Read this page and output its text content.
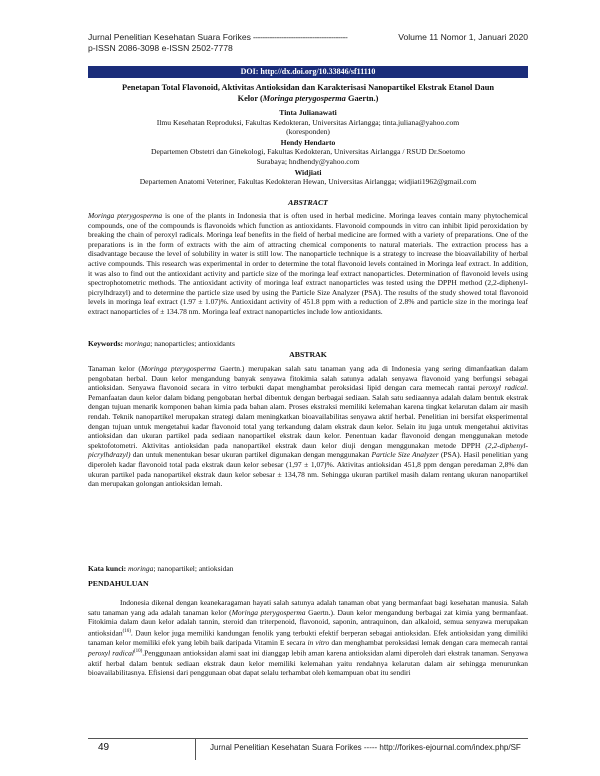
Jurnal Penelitian Kesehatan Suara Forikes ----------------------------------------	Volume 11 Nomor 1, Januari 2020
p-ISSN 2086-3098 e-ISSN 2502-7778
DOI: http://dx.doi.org/10.33846/sf11110
Penetapan Total Flavonoid, Aktivitas Antioksidan dan Karakterisasi Nanopartikel Ekstrak Etanol Daun
Kelor (Moringa pterygosperma Gaertn.)
Tinta Julianawati
Ilmu Kesehatan Reproduksi, Fakultas Kedokteran, Universitas Airlangga; tinta.juliana@yahoo.com
(koresponden)
Hendy Hendarto
Departemen Obstetri dan Ginekologi, Fakultas Kedokteran, Universitas Airlangga / RSUD Dr.Soetomo
Surabaya; hndhendy@yahoo.com
Widjiati
Departemen Anatomi Veteriner, Fakultas Kedokteran Hewan, Universitas Airlangga; widjiati1962@gmail.com
ABSTRACT
Moringa pterygosperma is one of the plants in Indonesia that is often used in herbal medicine. Moringa leaves contain many phytochemical compounds, one of the compounds is flavonoids which function as antioxidants. Flavonoid compounds in vitro can inhibit lipid peroxidation by breaking the chain of peroxyl radicals. Moringa leaf benefits in the field of herbal medicine are formed with a variety of preparations. One of the preparations is in the form of extracts with the aim of attracting chemical components to natural materials. The extraction process has a disadvantage because the level of solubility in water is still low. The nanoparticle technique is a strategy to increase the bioavailability of herbal active compounds. This research was experimental in order to determine the total flavonoid levels contained in Moringa leaf extract. In addition, it was also to find out the antioxidant activity and particle size of the moringa leaf extract nanoparticles. Determination of flavonoid levels using spectrophotometric methods. The antioxidant activity of moringa leaf extract nanoparticles was tested using the DPPH method (2,2-diphenyl-picrylhdrazyl) and to determine the particle size used by using the Particle Size Analyzer (PSA). The results of the study showed total flavonoid levels in moringa leaf extract (1.97 ± 1.07)%. Antioxidant activity of 451.8 ppm with a reduction of 2.8% and particle size in the moringa leaf extract nanoparticles of ± 134.78 nm. Moringa leaf extract nanoparticles include low antioxidants.
Keywords: moringa; nanoparticles; antioxidants
ABSTRAK
Tanaman kelor (Moringa pterygosperma Gaertn.) merupakan salah satu tanaman yang ada di Indonesia yang sering dimanfaatkan dalam pengobatan herbal. Daun kelor mengandung banyak senyawa fitokimia salah satunya adalah senyawa flavonoid yang berfungsi sebagai antioksidan. Senyawa flavonoid secara in vitro terbukti dapat menghambat peroksidasi lipid dengan cara memecah rantai peroxyl radical. Pemanfaatan daun kelor dalam bidang pengobatan herbal dibentuk dengan berbagai sediaan. Salah satu sediaannya adalah dalam bentuk ekstrak dengan tujuan menarik komponen bahan kimia pada bahan alam. Proses ekstraksi memiliki kelemahan karena tingkat kelarutan dalam air masih rendah. Teknik nanopartikel merupakan strategi dalam meningkatkan bioavailabilitas senyawa aktif herbal. Penelitian ini bersifat eksperimental dengan tujuan untuk mengetahui kadar flavonoid total yang terkandung dalam ekstrak daun kelor. Selain itu juga untuk mengetahui aktivitas antioksidan dan ukuran partikel pada sediaan nanopartikel ekstrak daun kelor. Penentuan kadar flavonoid dengan menggunakan metode spektofotometri. Aktivitas antioksidan pada nanopartikel ekstrak daun kelor diuji dengan menggunakan metode DPPH (2,2-diphenyl-picrylhdrazyl) dan untuk menentukan besar ukuran partikel digunakan dengan menggunakan Particle Size Analyzer (PSA). Hasil penelitian yang diperoleh kadar flavonoid total pada ekstrak daun kelor sebesar (1,97 ± 1,07)%. Aktivitas antioksidan 451,8 ppm dengan peredaman 2,8% dan ukuran partikel pada nanopartikel ekstrak daun kelor sebesar ± 134,78 nm. Sehingga ukuran partikel masih dalam rentang ukuran nanopartikel dan merupakan golongan antioksidan lemah.
Kata kunci: moringa; nanopartikel; antioksidan
PENDAHULUAN
Indonesia dikenal dengan keanekaragaman hayati salah satunya adalah tanaman obat yang bermanfaat bagi kesehatan manusia. Salah satu tanaman yang ada adalah tanaman kelor (Moringa pterygosperma Gaertn.). Daun kelor mengandung berbagai zat kimia yang bermanfaat. Fitokimia dalam daun kelor adalah tannin, steroid dan triterpenoid, flavonoid, saponin, antraquinon, dan alkaloid, semua senyawa merupakan antioksidan$^{(16)}$. Daun kelor juga memiliki kandungan fenolik yang terbukti efektif berperan sebagai antioksidan. Efek antioksidan yang dimiliki tanaman kelor memiliki efek yang lebih baik daripada Vitamin E secara in vitro dan menghambat peroksidasi lemak dengan cara memecah rantai peroxyl radical$^{(10)}$.Penggunaan antioksidan alami saat ini dianggap lebih aman karena antioksidan alami diperoleh dari ekstrak tanaman. Senyawa aktif herbal dalam bentuk sediaan ekstrak daun kelor memiliki kelemahan yaitu rendahnya kelarutan dalam air sehingga menurunkan bioavailabilitasnya. Efisiensi dari penggunaan obat dapat selalu terhambat oleh kemampuan obat itu sendiri
49	Jurnal Penelitian Kesehatan Suara Forikes ----- http://forikes-ejournal.com/index.php/SF
